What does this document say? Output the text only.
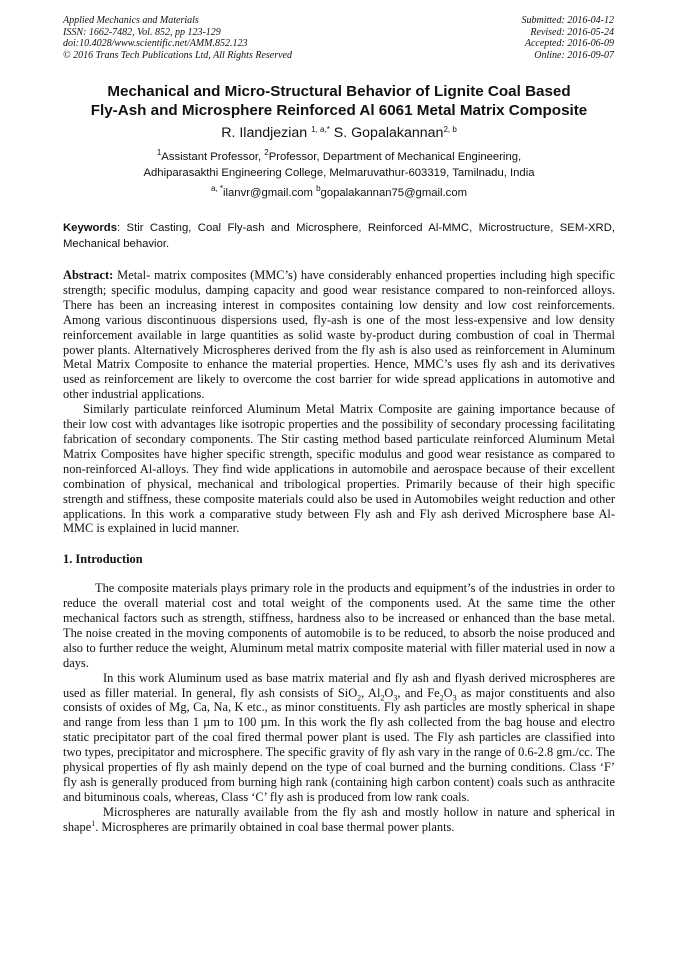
Applied Mechanics and Materials
ISSN: 1662-7482, Vol. 852, pp 123-129
doi:10.4028/www.scientific.net/AMM.852.123
© 2016 Trans Tech Publications Ltd, All Rights Reserved
Submitted: 2016-04-12
Revised: 2016-05-24
Accepted: 2016-06-09
Online: 2016-09-07
Mechanical and Micro-Structural Behavior of Lignite Coal Based
Fly-Ash and Microsphere Reinforced Al 6061 Metal Matrix Composite
R. Ilandjezian $^{1, a,*}$ S. Gopalakannan$^{2, b}$
$^1$Assistant Professor, $^2$Professor, Department of Mechanical Engineering,
Adhiparasakthi Engineering College, Melmaruvathur-603319, Tamilnadu, India
$^{a, *}$ilanvr@gmail.com $^b$gopalakannan75@gmail.com
Keywords: Stir Casting, Coal Fly-ash and Microsphere, Reinforced Al-MMC, Microstructure, SEM-XRD, Mechanical behavior.

Abstract: Metal- matrix composites (MMC’s) have considerably enhanced properties including high specific strength; specific modulus, damping capacity and good wear resistance compared to non-reinforced alloys. There has been an increasing interest in composites containing low density and low cost reinforcements. Among various discontinuous dispersions used, fly-ash is one of the most less-expensive and low density reinforcement available in large quantities as solid waste by-product during combustion of coal in Thermal power plants. Alternatively Microspheres derived from the fly ash is also used as reinforcement in Aluminum Metal Matrix Composite to enhance the material properties. Hence, MMC’s uses fly ash and its derivatives used as reinforcement are likely to overcome the cost barrier for wide spread applications in automotive and other industrial applications.

Similarly particulate reinforced Aluminum Metal Matrix Composite are gaining importance because of their low cost with advantages like isotropic properties and the possibility of secondary processing facilitating fabrication of secondary components. The Stir casting method based particulate reinforced Aluminum Metal Matrix Composites have higher specific strength, specific modulus and good wear resistance as compared to non-reinforced Al-alloys. They find wide applications in automobile and aerospace because of their excellent combination of physical, mechanical and tribological properties. Primarily because of their high specific strength and stiffness, these composite materials could also be used in Automobiles weight reduction and other applications. In this work a comparative study between Fly ash and Fly ash derived Microsphere base Al-MMC is explained in lucid manner.

1. Introduction

The composite materials plays primary role in the products and equipment’s of the industries in order to reduce the overall material cost and total weight of the components used. At the same time the other mechanical factors such as strength, stiffness, hardness also to be increased or enhanced than the base metal. The noise created in the moving components of automobile is to be reduced, to absorb the noise produced and also to further reduce the weight, Aluminum metal matrix composite material with filler material used in now a days.

In this work Aluminum used as base matrix material and fly ash and flyash derived microspheres are used as filler material. In general, fly ash consists of SiO$_2$, $Al_2O_3$, and $Fe_2O_3$ as major constituents and also consists of oxides of Mg, Ca, Na, K etc., as minor constituents. Fly ash particles are mostly spherical in shape and range from less than 1 µm to 100 µm. In this work the fly ash collected from the bag house and electro static precipitator part of the coal fired thermal power plant is used. The Fly ash particles are classified into two types, precipitator and microsphere. The specific gravity of fly ash vary in the range of 0.6-2.8 gm./cc. The physical properties of fly ash mainly depend on the type of coal burned and the burning conditions. Class ‘F’ fly ash is generally produced from burning high rank (containing high carbon content) coals such as anthracite and bituminous coals, whereas, Class ‘C’ fly ash is produced from low rank coals.

Microspheres are naturally available from the fly ash and mostly hollow in nature and spherical in shape$^1$. Microspheres are primarily obtained in coal base thermal power plants.
